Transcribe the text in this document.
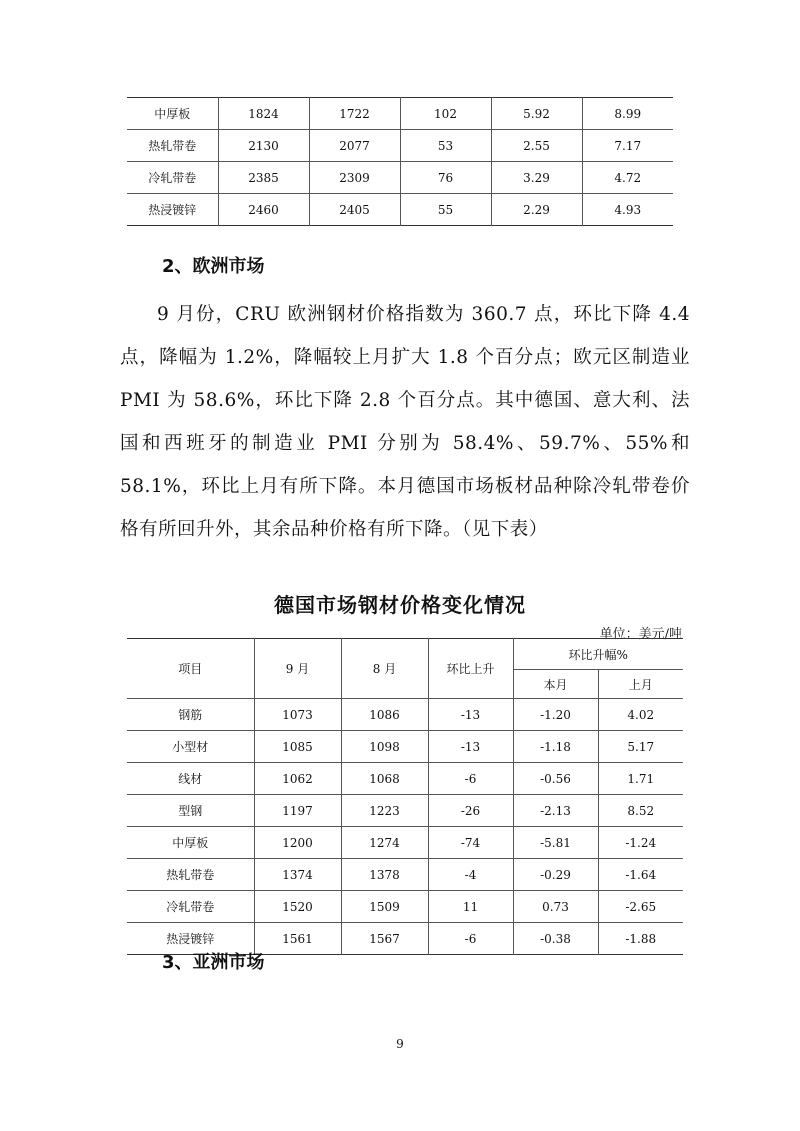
中厚板	1824	1722	102	5.92	8.99
热轧带卷	2130	2077	53	2.55	7.17
冷轧带卷	2385	2309	76	3.29	4.72
热浸镀锌	2460	2405	55	2.29	4.93
2、欧洲市场

9 月份，CRU 欧洲钢材价格指数为 360.7 点，环比下降 4.4 点，降幅为 1.2%，降幅较上月扩大 1.8 个百分点；欧元区制造业 PMI 为 58.6%，环比下降 2.8 个百分点。其中德国、意大利、法国和西班牙的制造业 PMI 分别为 58.4%、59.7%、55%和 58.1%，环比上月有所下降。本月德国市场板材品种除冷轧带卷价格有所回升外，其余品种价格有所下降。（见下表）

德国市场钢材价格变化情况

单位：美元/吨

项目	9 月	8 月	环比上升	环比升幅%	
				本月	上月
钢筋	1073	1086	-13	-1.20	4.02
小型材	1085	1098	-13	-1.18	5.17
线材	1062	1068	-6	-0.56	1.71
型钢	1197	1223	-26	-2.13	8.52
中厚板	1200	1274	-74	-5.81	-1.24
热轧带卷	1374	1378	-4	-0.29	-1.64
冷轧带卷	1520	1509	11	0.73	-2.65
热浸镀锌	1561	1567	-6	-0.38	-1.88
3、亚洲市场

9
